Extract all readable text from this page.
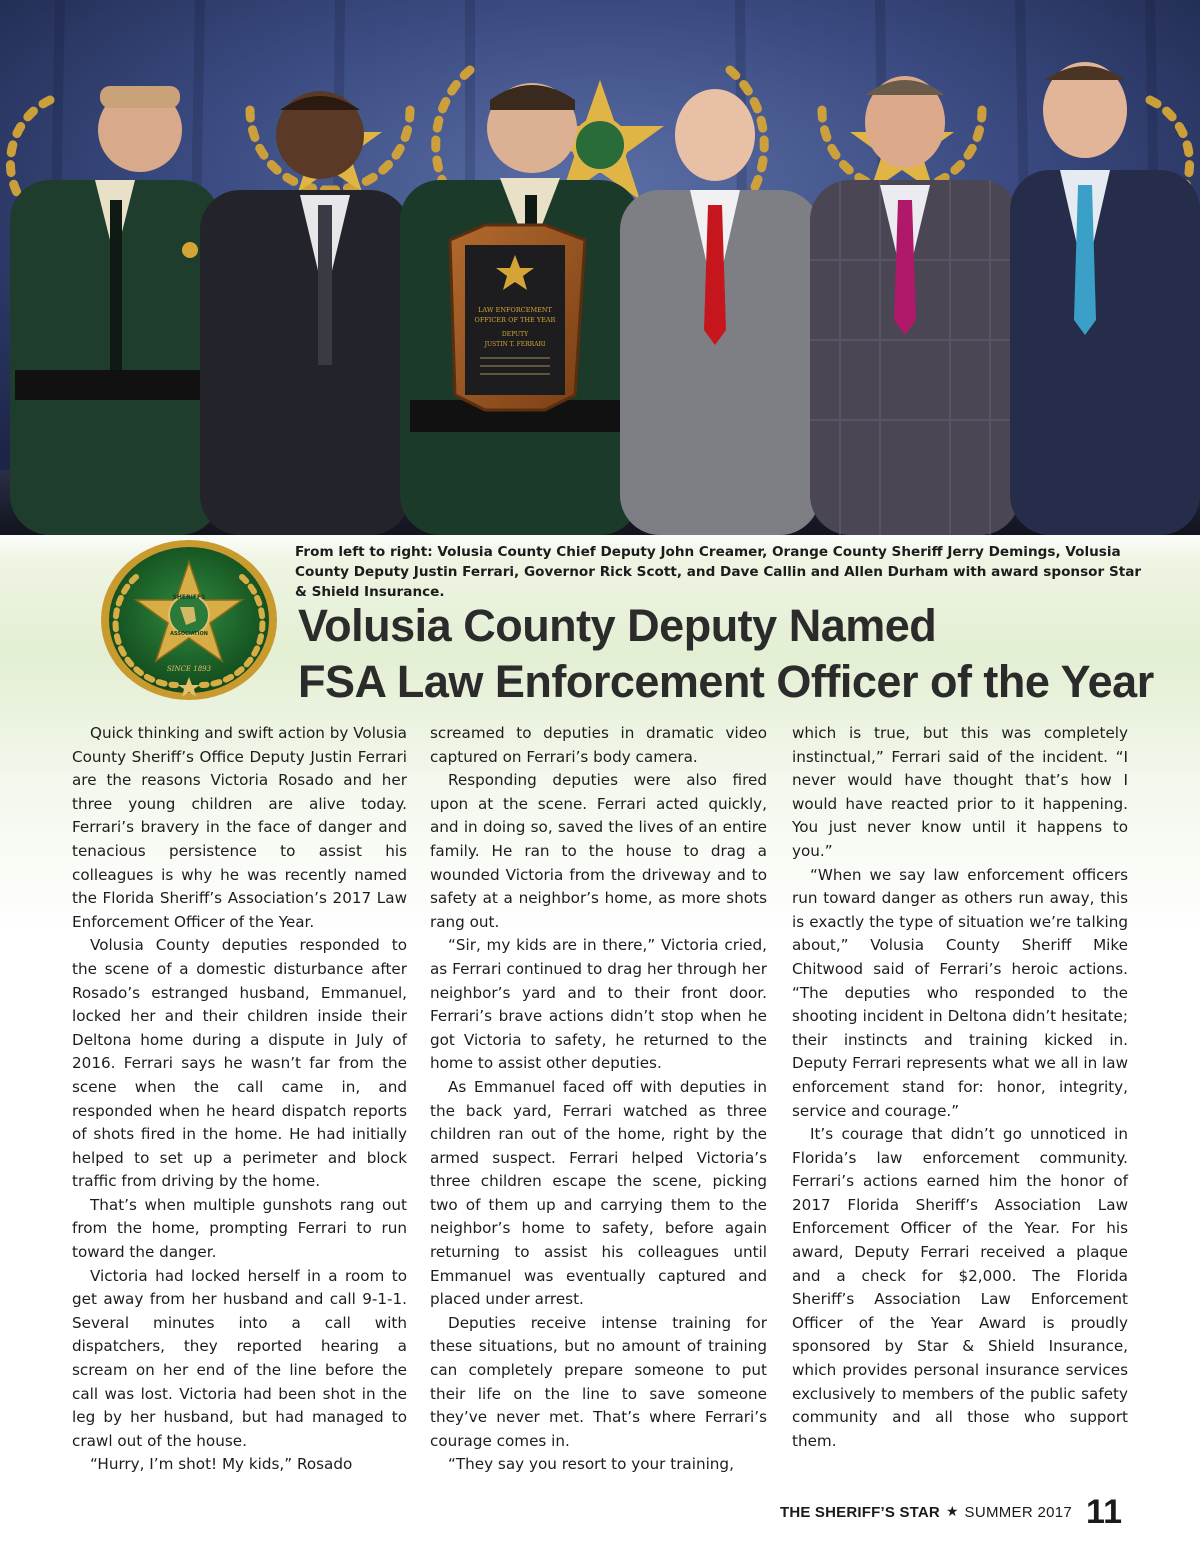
LAW ENFORCEMENT
OFFICER OF THE YEAR
DEPUTY
JUSTIN T. FERRARI
SHERIFFS
ASSOCIATION
SINCE 1893
From left to right: Volusia County Chief Deputy John Creamer, Orange County Sheriff Jerry Demings, Volusia County Deputy Justin Ferrari, Governor Rick Scott, and Dave Callin and Allen Durham with award sponsor Star & Shield Insurance.
Volusia County Deputy Named
FSA Law Enforcement Officer of the Year

Quick thinking and swift action by Volusia County Sheriff’s Office Deputy Justin Ferrari are the reasons Victoria Rosado and her three young children are alive today. Ferrari’s bravery in the face of danger and tenacious persistence to assist his colleagues is why he was recently named the Florida Sheriff’s Association’s 2017 Law Enforcement Officer of the Year.

Volusia County deputies responded to the scene of a domestic disturbance after Rosado’s estranged husband, Emmanuel, locked her and their children inside their Deltona home during a dispute in July of 2016. Ferrari says he wasn’t far from the scene when the call came in, and responded when he heard dispatch reports of shots fired in the home. He had initially helped to set up a perimeter and block traffic from driving by the home.

That’s when multiple gunshots rang out from the home, prompting Ferrari to run toward the danger.

Victoria had locked herself in a room to get away from her husband and call 9-1-1. Several minutes into a call with dispatchers, they reported hearing a scream on her end of the line before the call was lost. Victoria had been shot in the leg by her husband, but had managed to crawl out of the house.

“Hurry, I’m shot! My kids,” Rosado

screamed to deputies in dramatic video captured on Ferrari’s body camera.

Responding deputies were also fired upon at the scene. Ferrari acted quickly, and in doing so, saved the lives of an entire family. He ran to the house to drag a wounded Victoria from the driveway and to safety at a neighbor’s home, as more shots rang out.

“Sir, my kids are in there,” Victoria cried, as Ferrari continued to drag her through her neighbor’s yard and to their front door. Ferrari’s brave actions didn’t stop when he got Victoria to safety, he returned to the home to assist other deputies.

As Emmanuel faced off with deputies in the back yard, Ferrari watched as three children ran out of the home, right by the armed suspect. Ferrari helped Victoria’s three children escape the scene, picking two of them up and carrying them to the neighbor’s home to safety, before again returning to assist his colleagues until Emmanuel was eventually captured and placed under arrest.

Deputies receive intense training for these situations, but no amount of training can completely prepare someone to put their life on the line to save someone they’ve never met. That’s where Ferrari’s courage comes in.

“They say you resort to your training,

which is true, but this was completely instinctual,” Ferrari said of the incident. “I never would have thought that’s how I would have reacted prior to it happening. You just never know until it happens to you.”

“When we say law enforcement officers run toward danger as others run away, this is exactly the type of situation we’re talking about,” Volusia County Sheriff Mike Chitwood said of Ferrari’s heroic actions. “The deputies who responded to the shooting incident in Deltona didn’t hesitate; their instincts and training kicked in. Deputy Ferrari represents what we all in law enforcement stand for: honor, integrity, service and courage.”

It’s courage that didn’t go unnoticed in Florida’s law enforcement community. Ferrari’s actions earned him the honor of 2017 Florida Sheriff’s Association Law Enforcement Officer of the Year. For his award, Deputy Ferrari received a plaque and a check for $2,000. The Florida Sheriff’s Association Law Enforcement Officer of the Year Award is proudly sponsored by Star & Shield Insurance, which provides personal insurance services exclusively to members of the public safety community and all those who support them.

THE SHERIFF’S STAR ★ SUMMER 2017 11
